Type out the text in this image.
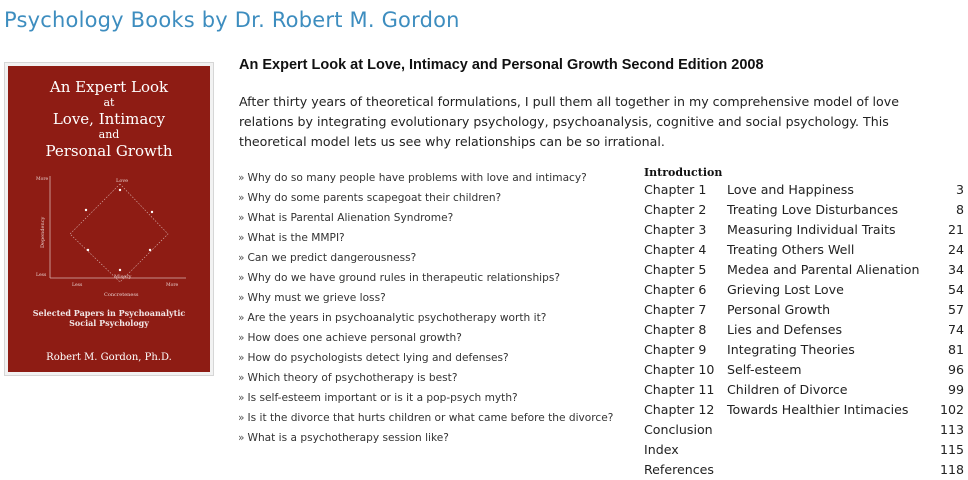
Psychology Books by Dr. Robert M. Gordon
An Expert Look
at
Love, Intimacy
and
Personal Growth
Love
Misery
More
Less
Less	More
Concreteness
Dependency
Selected Papers in Psychoanalytic Social Psychology
Robert M. Gordon, Ph.D.
An Expert Look at Love, Intimacy and Personal Growth Second Edition 2008

After thirty years of theoretical formulations, I pull them all together in my comprehensive model of love relations by integrating evolutionary psychology, psychoanalysis, cognitive and social psychology. This theoretical model lets us see why relationships can be so irrational.

» Why do so many people have problems with love and intimacy?
» Why do some parents scapegoat their children?
» What is Parental Alienation Syndrome?
» What is the MMPI?
» Can we predict dangerousness?
» Why do we have ground rules in therapeutic relationships?
» Why must we grieve loss?
» Are the years in psychoanalytic psychotherapy worth it?
» How does one achieve personal growth?
» How do psychologists detect lying and defenses?
» Which theory of psychotherapy is best?
» Is self-esteem important or is it a pop-psych myth?
» Is it the divorce that hurts children or what came before the divorce?
» What is a psychotherapy session like?
Introduction
Chapter 1 Love and Happiness	3
Chapter 2 Treating Love Disturbances	8
Chapter 3 Measuring Individual Traits	21
Chapter 4 Treating Others Well	24
Chapter 5 Medea and Parental Alienation 34
Chapter 6 Grieving Lost Love	54
Chapter 7 Personal Growth	57
Chapter 8 Lies and Defenses	74
Chapter 9 Integrating Theories	81
Chapter 10 Self-esteem	96
Chapter 11 Children of Divorce	99
Chapter 12 Towards Healthier Intimacies	102
Conclusion	113
Index	115
References	118
